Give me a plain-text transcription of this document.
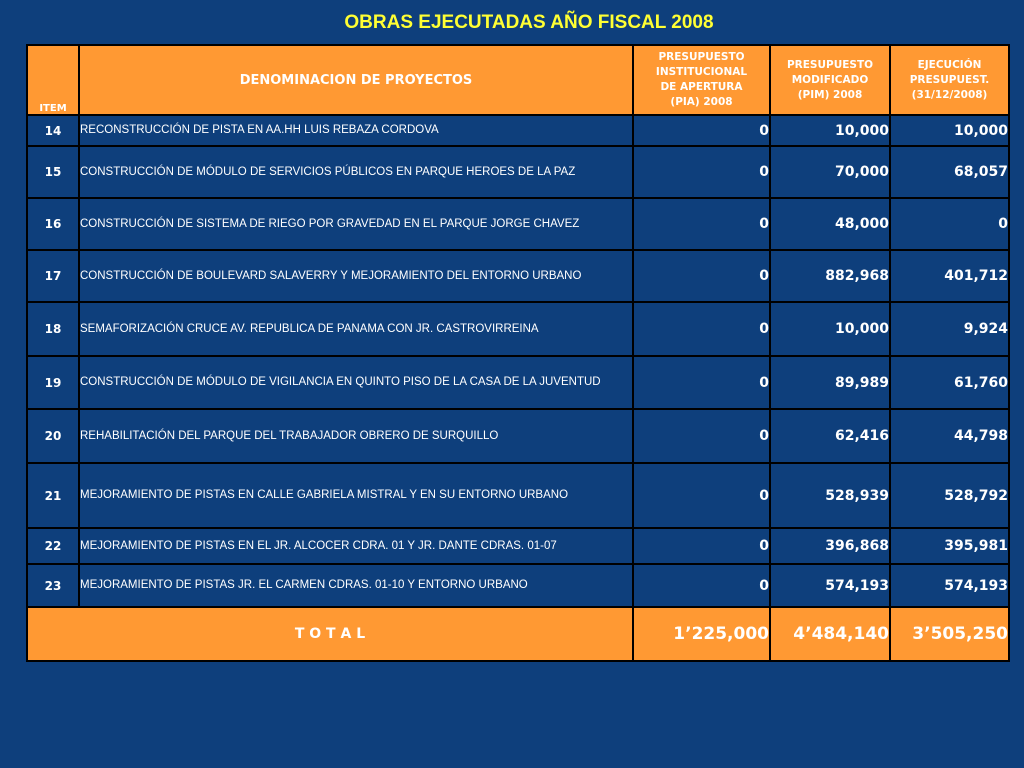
OBRAS EJECUTADAS AÑO FISCAL 2008
ITEM	DENOMINACION DE PROYECTOS	PRESUPUESTO
INSTITUCIONAL
DE APERTURA
(PIA) 2008	PRESUPUESTO
MODIFICADO
(PIM) 2008	EJECUCIÓN
PRESUPUEST.
(31/12/2008)
14	RECONSTRUCCIÓN DE PISTA EN AA.HH LUIS REBAZA CORDOVA	0	10,000	10,000
15	CONSTRUCCIÓN DE MÓDULO DE SERVICIOS PÚBLICOS EN PARQUE HEROES DE LA PAZ	0	70,000	68,057
16	CONSTRUCCIÓN DE SISTEMA DE RIEGO POR GRAVEDAD EN EL PARQUE JORGE CHAVEZ	0	48,000	0
17	CONSTRUCCIÓN DE BOULEVARD SALAVERRY Y MEJORAMIENTO DEL ENTORNO URBANO	0	882,968	401,712
18	SEMAFORIZACIÓN CRUCE AV. REPUBLICA DE PANAMA CON JR. CASTROVIRREINA	0	10,000	9,924
19	CONSTRUCCIÓN DE MÓDULO DE VIGILANCIA EN QUINTO PISO DE LA CASA DE LA JUVENTUD	0	89,989	61,760
20	REHABILITACIÓN DEL PARQUE DEL TRABAJADOR OBRERO DE SURQUILLO	0	62,416	44,798
21	MEJORAMIENTO DE PISTAS EN CALLE GABRIELA MISTRAL Y EN SU ENTORNO URBANO	0	528,939	528,792
22	MEJORAMIENTO DE PISTAS EN EL JR. ALCOCER CDRA. 01 Y JR. DANTE CDRAS. 01-07	0	396,868	395,981
23	MEJORAMIENTO DE PISTAS JR. EL CARMEN CDRAS. 01-10 Y ENTORNO URBANO	0	574,193	574,193
T O T A L		1’225,000	4’484,140	3’505,250
